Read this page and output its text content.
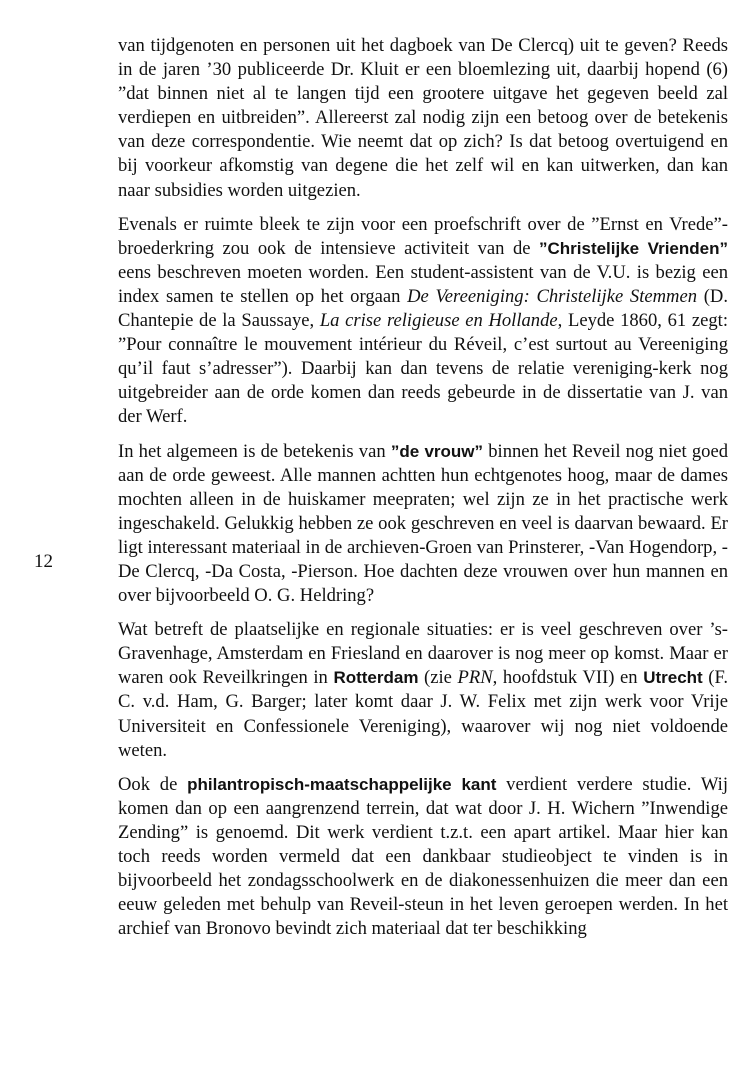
12

van tijdgenoten en personen uit het dagboek van De Clercq) uit te geven? Reeds in de jaren ’30 publiceerde Dr. Kluit er een bloemlezing uit, daarbij hopend (6) ”dat binnen niet al te langen tijd een grootere uitgave het gegeven beeld zal verdiepen en uitbreiden”. Allereerst zal nodig zijn een betoog over de betekenis van deze correspondentie. Wie neemt dat op zich? Is dat betoog overtuigend en bij voorkeur afkomstig van degene die het zelf wil en kan uitwerken, dan kan naar subsidies worden uitgezien.

Evenals er ruimte bleek te zijn voor een proefschrift over de ”Ernst en Vrede”-broederkring zou ook de intensieve activiteit van de ”Christelijke Vrienden” eens beschreven moeten worden. Een student-assistent van de V.U. is bezig een index samen te stellen op het orgaan De Vereeniging: Christelijke Stemmen (D. Chantepie de la Saussaye, La crise religieuse en Hollande, Leyde 1860, 61 zegt: ”Pour connaître le mouvement intérieur du Réveil, c’est surtout au Vereeniging qu’il faut s’adresser”). Daarbij kan dan tevens de relatie vereniging-kerk nog uitgebreider aan de orde komen dan reeds gebeurde in de dissertatie van J. van der Werf.

In het algemeen is de betekenis van ”de vrouw” binnen het Reveil nog niet goed aan de orde geweest. Alle mannen achtten hun echtgenotes hoog, maar de dames mochten alleen in de huiskamer meepraten; wel zijn ze in het practische werk ingeschakeld. Gelukkig hebben ze ook geschreven en veel is daarvan bewaard. Er ligt interessant materiaal in de archieven-Groen van Prinsterer, -Van Hogendorp, -De Clercq, -Da Costa, -Pierson. Hoe dachten deze vrouwen over hun mannen en over bijvoorbeeld O. G. Heldring?

Wat betreft de plaatselijke en regionale situaties: er is veel geschreven over ’s-Gravenhage, Amsterdam en Friesland en daarover is nog meer op komst. Maar er waren ook Reveilkringen in Rotterdam (zie PRN, hoofdstuk VII) en Utrecht (F. C. v.d. Ham, G. Barger; later komt daar J. W. Felix met zijn werk voor Vrije Universiteit en Confessionele Vereniging), waarover wij nog niet voldoende weten.

Ook de philantropisch-maatschappelijke kant verdient verdere studie. Wij komen dan op een aangrenzend terrein, dat wat door J. H. Wichern ”Inwendige Zending” is genoemd. Dit werk verdient t.z.t. een apart artikel. Maar hier kan toch reeds worden vermeld dat een dankbaar studieobject te vinden is in bijvoorbeeld het zondagsschoolwerk en de diakonessenhuizen die meer dan een eeuw geleden met behulp van Reveil-steun in het leven geroepen werden. In het archief van Bronovo bevindt zich materiaal dat ter beschikking
